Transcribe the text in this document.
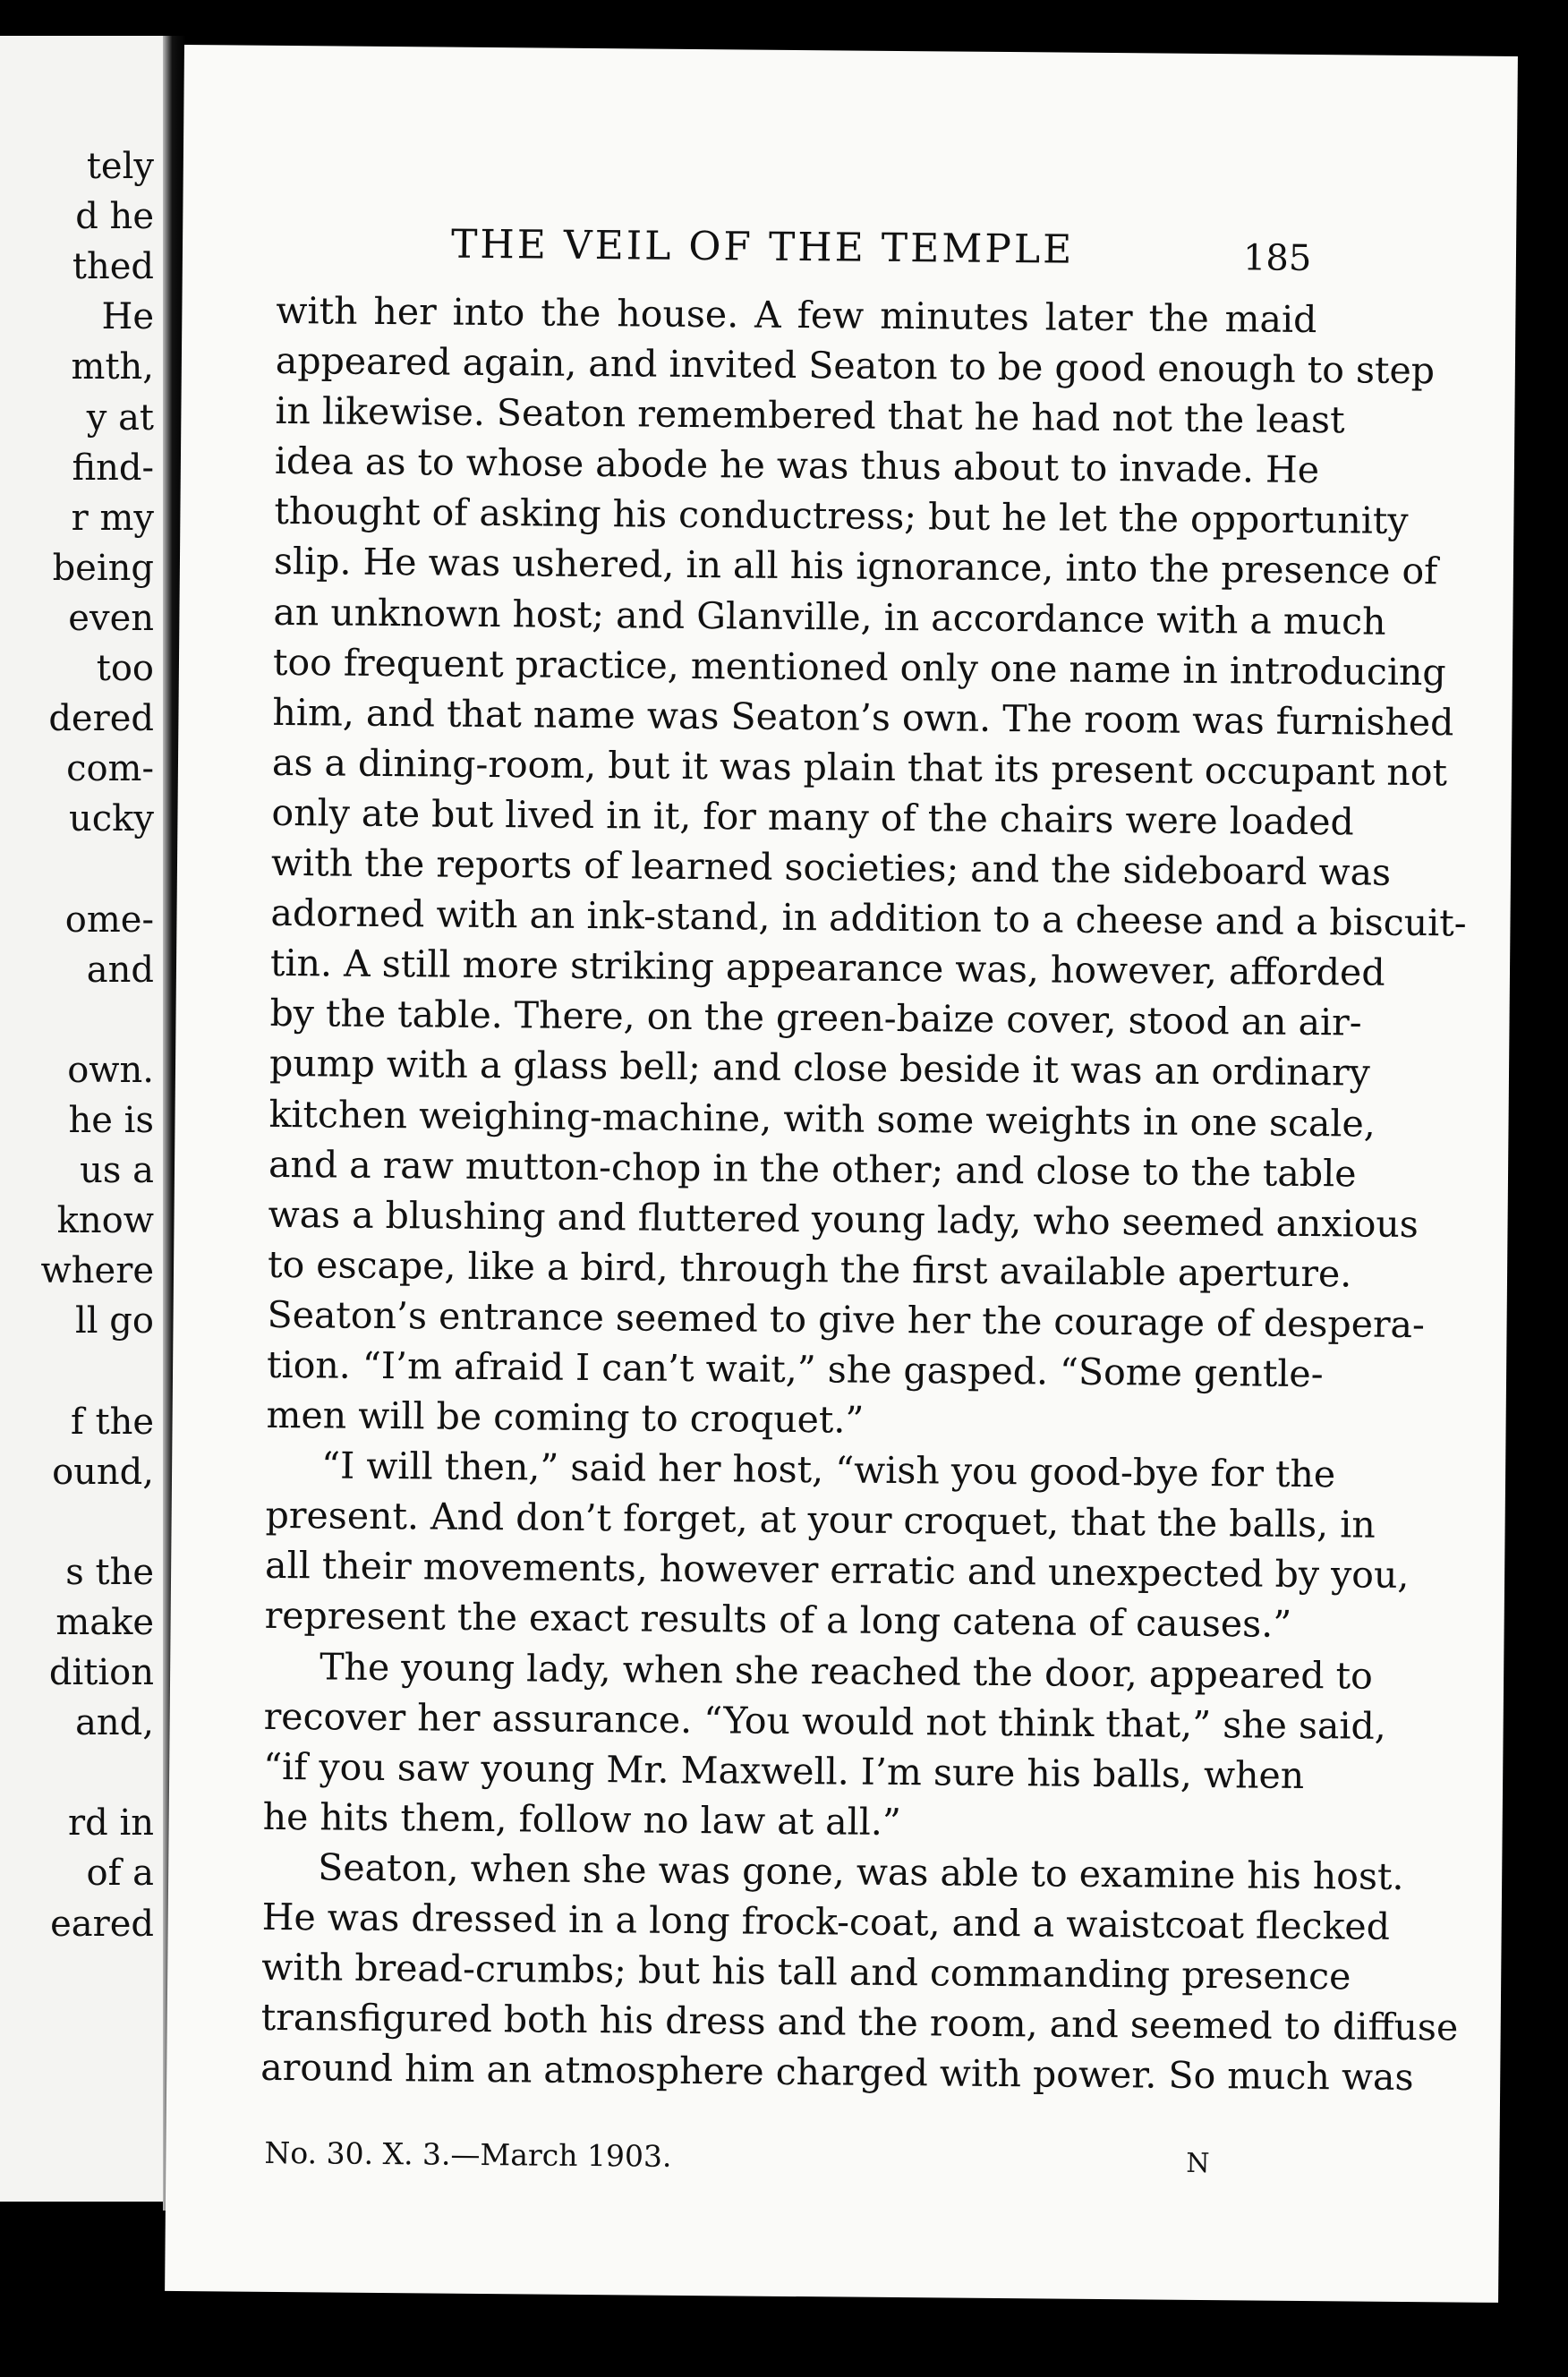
tely
d he
thed
He
mth,
y at
find-
r my
being
even
too
dered
com-
ucky
ome-
and
own.
he is
us a
know
where
ll go
f the
ound,
s the
make
dition
and,
rd in
of a
eared
THE VEIL OF THE TEMPLE	185
with her into the house. A few minutes later the maid
appeared again, and invited Seaton to be good enough to step
in likewise. Seaton remembered that he had not the least
idea as to whose abode he was thus about to invade. He
thought of asking his conductress; but he let the opportunity
slip. He was ushered, in all his ignorance, into the presence of
an unknown host; and Glanville, in accordance with a much
too frequent practice, mentioned only one name in introducing
him, and that name was Seaton’s own. The room was furnished
as a dining-room, but it was plain that its present occupant not
only ate but lived in it, for many of the chairs were loaded
with the reports of learned societies; and the sideboard was
adorned with an ink-stand, in addition to a cheese and a biscuit-
tin. A still more striking appearance was, however, afforded
by the table. There, on the green-baize cover, stood an air-
pump with a glass bell; and close beside it was an ordinary
kitchen weighing-machine, with some weights in one scale,
and a raw mutton-chop in the other; and close to the table
was a blushing and fluttered young lady, who seemed anxious
to escape, like a bird, through the first available aperture.
Seaton’s entrance seemed to give her the courage of despera-
tion. “I’m afraid I can’t wait,” she gasped. “Some gentle-
men will be coming to croquet.”
“I will then,” said her host, “wish you good-bye for the
present. And don’t forget, at your croquet, that the balls, in
all their movements, however erratic and unexpected by you,
represent the exact results of a long catena of causes.”
The young lady, when she reached the door, appeared to
recover her assurance. “You would not think that,” she said,
“if you saw young Mr. Maxwell. I’m sure his balls, when
he hits them, follow no law at all.”
Seaton, when she was gone, was able to examine his host.
He was dressed in a long frock-coat, and a waistcoat flecked
with bread-crumbs; but his tall and commanding presence
transfigured both his dress and the room, and seemed to diffuse
around him an atmosphere charged with power. So much was
No. 30. X. 3.—March 1903.	N
